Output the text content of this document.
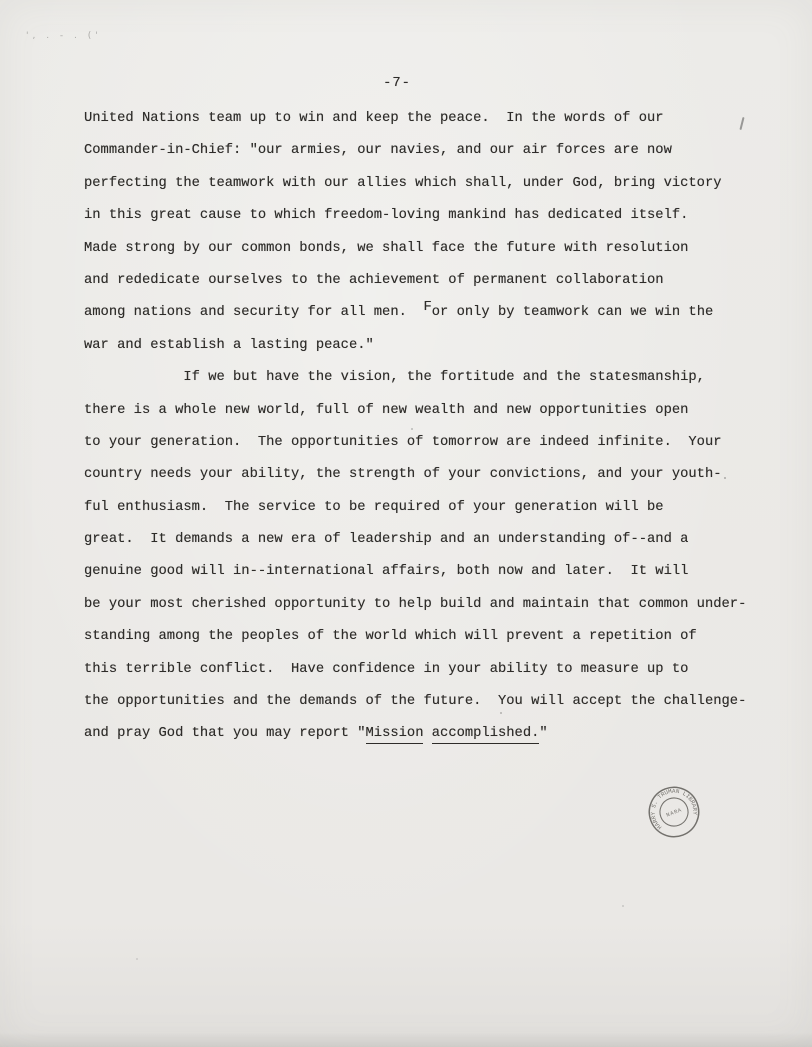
', . - . ('
-7-
United Nations team up to win and keep the peace.  In the words of our
Commander-in-Chief: "our armies, our navies, and our air forces are now
perfecting the teamwork with our allies which shall, under God, bring victory
in this great cause to which freedom-loving mankind has dedicated itself.
Made strong by our common bonds, we shall face the future with resolution
and rededicate ourselves to the achievement of permanent collaboration
among nations and security for all men.  For only by teamwork can we win the
war and establish a lasting peace."
If we but have the vision, the fortitude and the statesmanship,
there is a whole new world, full of new wealth and new opportunities open
to your generation.  The opportunities of tomorrow are indeed infinite.  Your
country needs your ability, the strength of your convictions, and your youth-
ful enthusiasm.  The service to be required of your generation will be
great.  It demands a new era of leadership and an understanding of--and a
genuine good will in--international affairs, both now and later.  It will
be your most cherished opportunity to help build and maintain that common under-
standing among the peoples of the world which will prevent a repetition of
this terrible conflict.  Have confidence in your ability to measure up to
the opportunities and the demands of the future.  You will accept the challenge-
and pray God that you may report "Mission accomplished."
HARRY S. TRUMAN LIBRARY
NARA
